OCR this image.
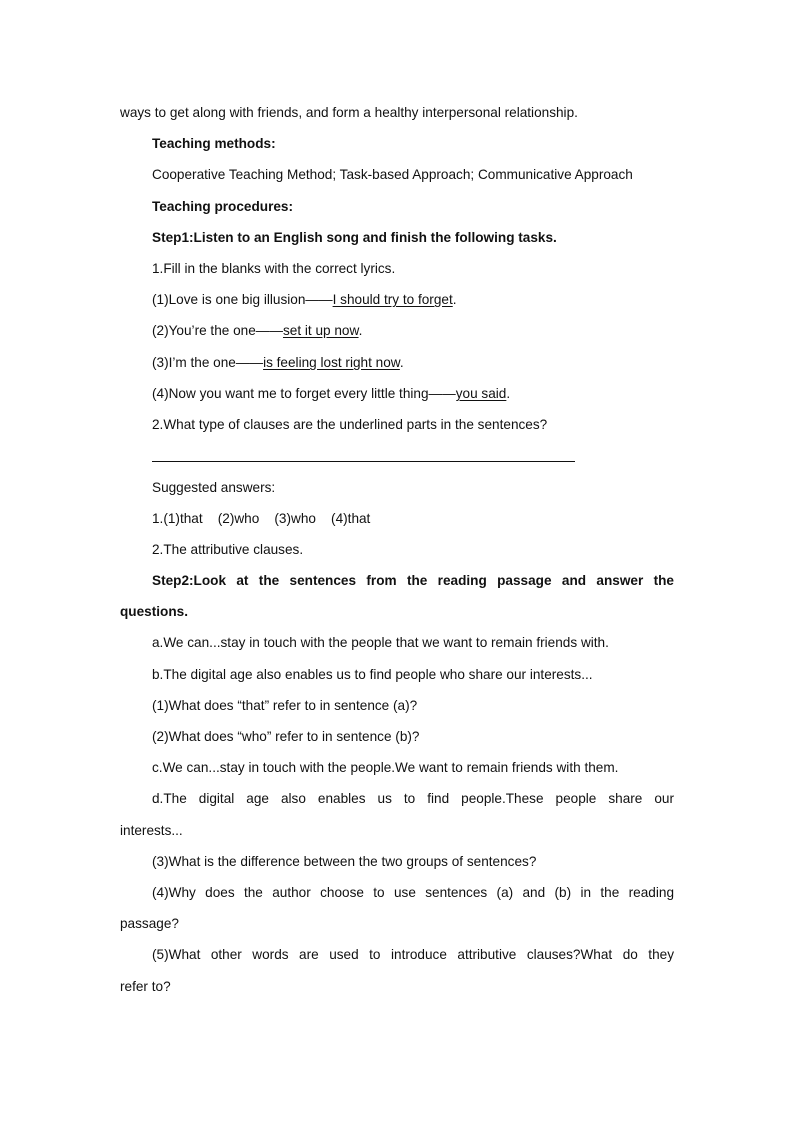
ways to get along with friends, and form a healthy interpersonal relationship.
Teaching methods:
Cooperative Teaching Method; Task-based Approach; Communicative Approach
Teaching procedures:
Step1:Listen to an English song and finish the following tasks.
1.Fill in the blanks with the correct lyrics.
(1)Love is one big illusion——I should try to forget.
(2)You’re the one——set it up now.
(3)I’m the one——is feeling lost right now.
(4)Now you want me to forget every little thing——you said.
2.What type of clauses are the underlined parts in the sentences?
Suggested answers:
1.(1)that    (2)who    (3)who    (4)that
2.The attributive clauses.
Step2:Look at the sentences from the reading passage and answer the
questions.
a.We can...stay in touch with the people that we want to remain friends with.
b.The digital age also enables us to find people who share our interests...
(1)What does “that” refer to in sentence (a)?
(2)What does “who” refer to in sentence (b)?
c.We can...stay in touch with the people.We want to remain friends with them.
d.The digital age also enables us to find people.These people share our
interests...
(3)What is the difference between the two groups of sentences?
(4)Why does the author choose to use sentences (a) and (b) in the reading
passage?
(5)What other words are used to introduce attributive clauses?What do they
refer to?
